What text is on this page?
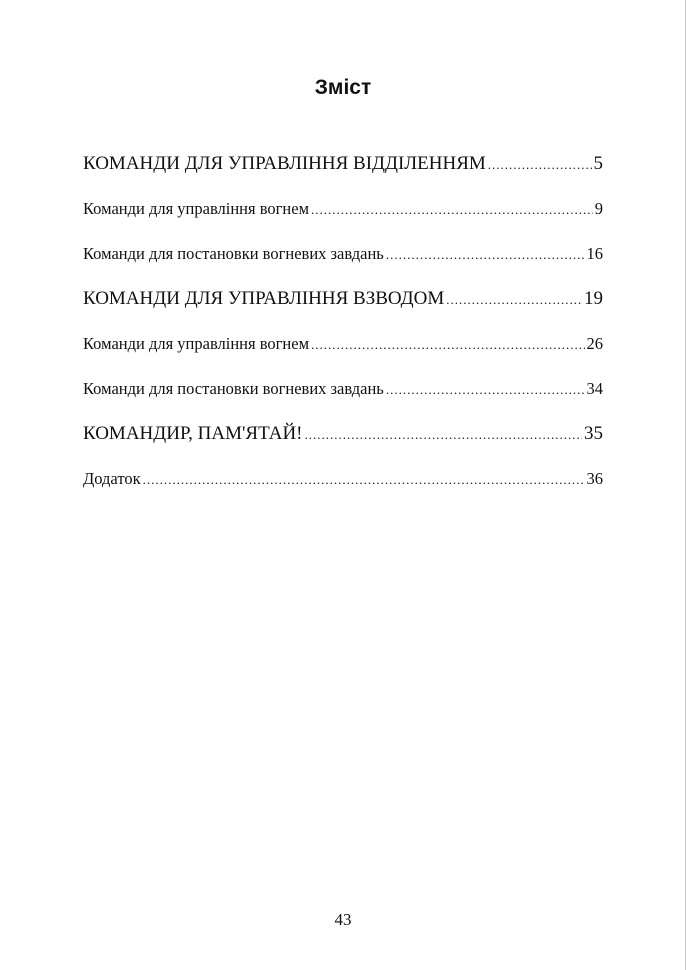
Зміст
КОМАНДИ ДЛЯ УПРАВЛІННЯ ВІДДІЛЕННЯМ .....	5
Команди для управління вогнем .....	9
Команди для постановки вогневих завдань .....	16
КОМАНДИ ДЛЯ УПРАВЛІННЯ ВЗВОДОМ .....	19
Команди для управління вогнем .....	26
Команди для постановки вогневих завдань .....	34
КОМАНДИР, ПАМ'ЯТАЙ! .....	35
Додаток .....	36
43
